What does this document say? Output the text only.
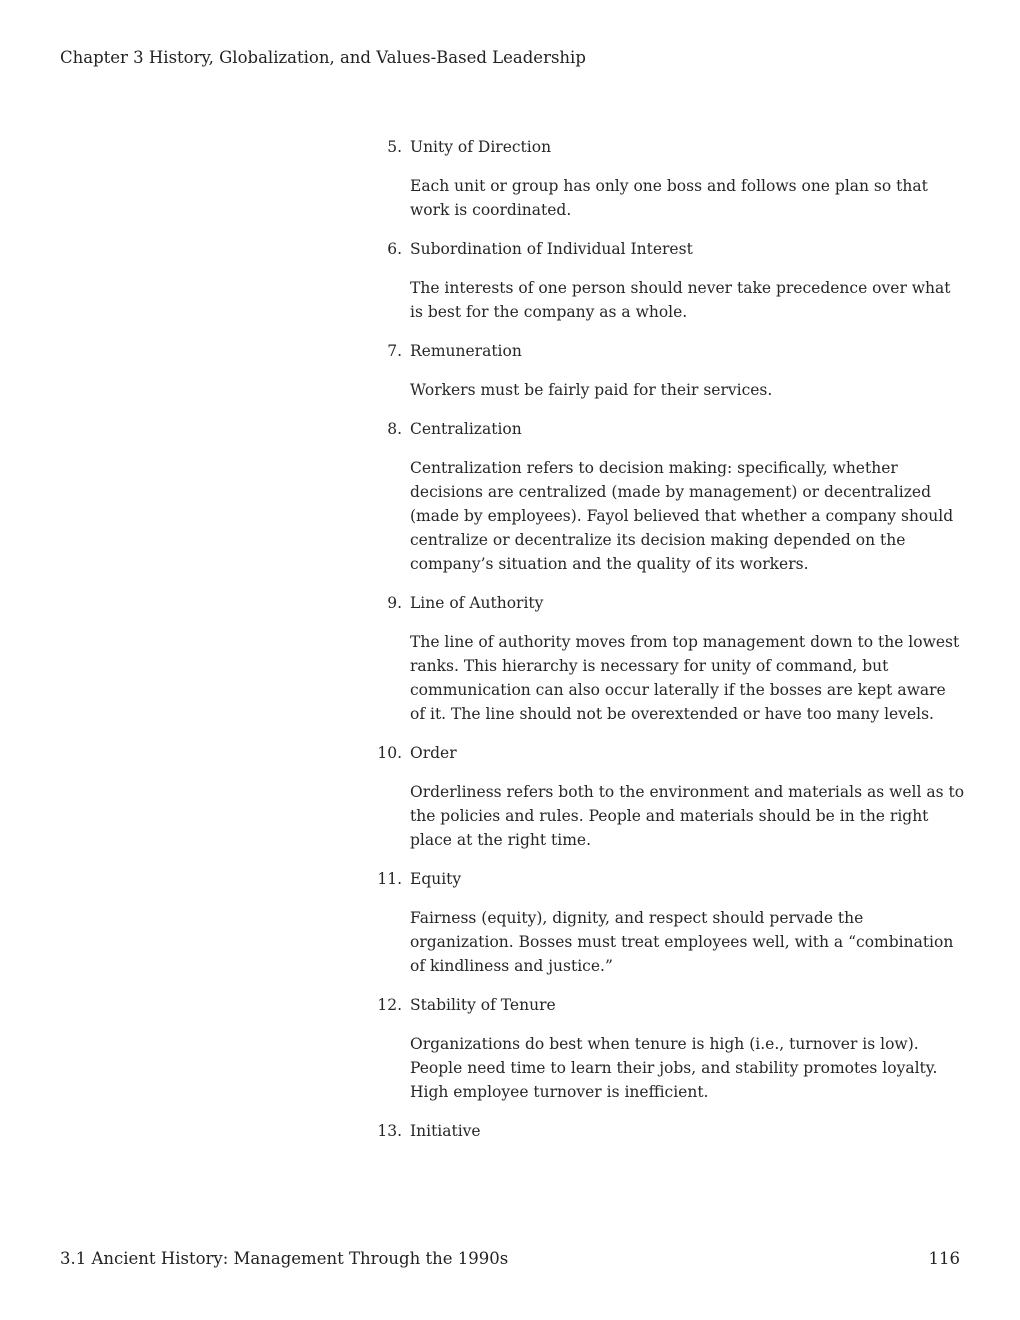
Chapter 3 History, Globalization, and Values-Based Leadership
5. Unity of Direction

Each unit or group has only one boss and follows one plan so that work is coordinated.

6. Subordination of Individual Interest

The interests of one person should never take precedence over what is best for the company as a whole.

7. Remuneration

Workers must be fairly paid for their services.

8. Centralization

Centralization refers to decision making: specifically, whether decisions are centralized (made by management) or decentralized (made by employees). Fayol believed that whether a company should centralize or decentralize its decision making depended on the company’s situation and the quality of its workers.

9. Line of Authority

The line of authority moves from top management down to the lowest ranks. This hierarchy is necessary for unity of command, but communication can also occur laterally if the bosses are kept aware of it. The line should not be overextended or have too many levels.

10. Order

Orderliness refers both to the environment and materials as well as to the policies and rules. People and materials should be in the right place at the right time.

11. Equity

Fairness (equity), dignity, and respect should pervade the organization. Bosses must treat employees well, with a “combination of kindliness and justice.”

12. Stability of Tenure

Organizations do best when tenure is high (i.e., turnover is low). People need time to learn their jobs, and stability promotes loyalty. High employee turnover is inefficient.

13. Initiative

3.1 Ancient History: Management Through the 1990s	116
